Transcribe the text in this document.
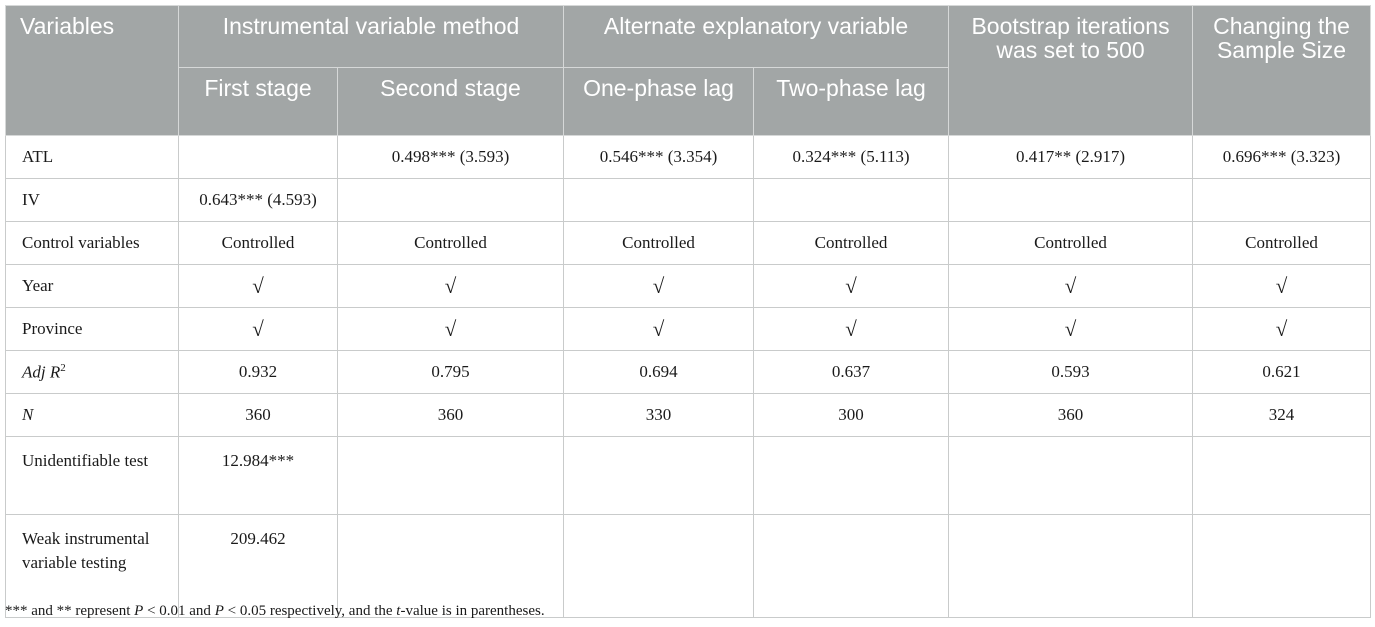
Variables	Instrumental variable method		Alternate explanatory variable		Bootstrap iterations was set to 500	Changing the Sample Size
	First stage	Second stage	One-phase lag	Two-phase lag		
ATL		0.498*** (3.593)	0.546*** (3.354)	0.324*** (5.113)	0.417** (2.917)	0.696*** (3.323)
IV	0.643*** (4.593)					
Control variables	Controlled	Controlled	Controlled	Controlled	Controlled	Controlled
Year	√	√	√	√	√	√
Province	√	√	√	√	√	√
Adj $R^2$	0.932	0.795	0.694	0.637	0.593	0.621
N	360	360	330	300	360	324
Unidentifiable test	12.984***					
Weak instrumental variable testing	209.462					
*** and ** represent P < 0.01 and P < 0.05 respectively, and the t-value is in parentheses.
